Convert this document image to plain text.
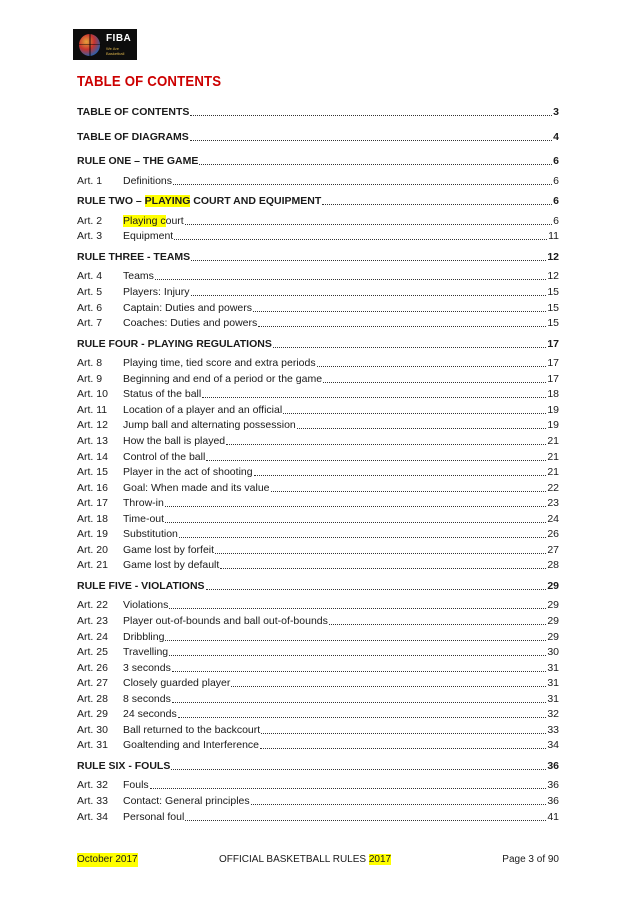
FIBA
We Are Basketball
TABLE OF CONTENTS
TABLE OF CONTENTS	3
TABLE OF DIAGRAMS	4
RULE ONE – THE GAME	6
Art. 1	Definitions	6
RULE TWO – PLAYING COURT AND EQUIPMENT	6
Art. 2	Playing court	6
Art. 3	Equipment	11
RULE THREE - TEAMS	12
Art. 4	Teams	12
Art. 5	Players: Injury	15
Art. 6	Captain: Duties and powers	15
Art. 7	Coaches: Duties and powers	15
RULE FOUR - PLAYING REGULATIONS	17
Art. 8	Playing time, tied score and extra periods	17
Art. 9	Beginning and end of a period or the game	17
Art. 10	Status of the ball	18
Art. 11	Location of a player and an official	19
Art. 12	Jump ball and alternating possession	19
Art. 13	How the ball is played	21
Art. 14	Control of the ball	21
Art. 15	Player in the act of shooting	21
Art. 16	Goal: When made and its value	22
Art. 17	Throw-in	23
Art. 18	Time-out	24
Art. 19	Substitution	26
Art. 20	Game lost by forfeit	27
Art. 21	Game lost by default	28
RULE FIVE - VIOLATIONS	29
Art. 22	Violations	29
Art. 23	Player out-of-bounds and ball out-of-bounds	29
Art. 24	Dribbling	29
Art. 25	Travelling	30
Art. 26	3 seconds	31
Art. 27	Closely guarded player	31
Art. 28	8 seconds	31
Art. 29	24 seconds	32
Art. 30	Ball returned to the backcourt	33
Art. 31	Goaltending and Interference	34
RULE SIX - FOULS	36
Art. 32	Fouls	36
Art. 33	Contact: General principles	36
Art. 34	Personal foul	41
October 2017	OFFICIAL BASKETBALL RULES 2017	Page 3 of 90
